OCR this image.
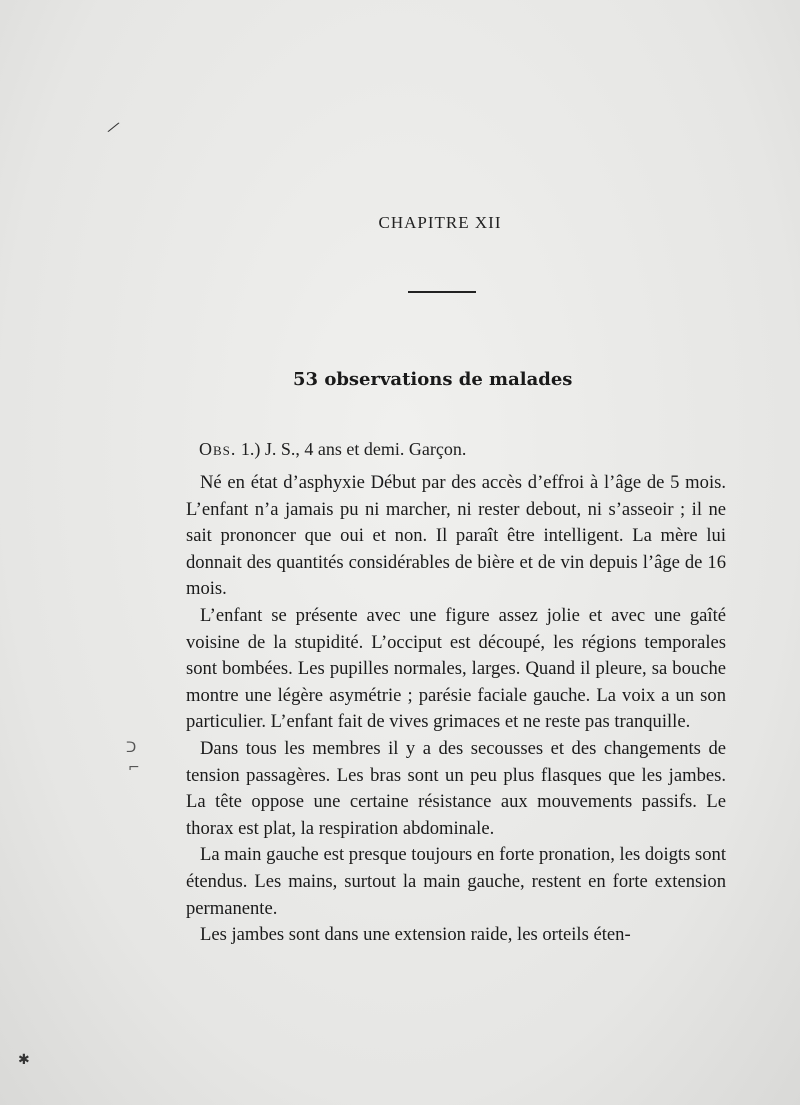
CHAPITRE XII
53 observations de malades
Obs. 1.) J. S., 4 ans et demi. Garçon.

Né en état d’asphyxie Début par des accès d’effroi à l’âge de 5 mois. L’enfant n’a jamais pu ni marcher, ni rester debout, ni s’asseoir ; il ne sait prononcer que oui et non. Il paraît être intelligent. La mère lui donnait des quantités considérables de bière et de vin depuis l’âge de 16 mois.

L’enfant se présente avec une figure assez jolie et avec une gaîté voisine de la stupidité. L’occiput est découpé, les régions temporales sont bombées. Les pupilles normales, larges. Quand il pleure, sa bouche montre une légère asymétrie ; parésie faciale gauche. La voix a un son particulier. L’enfant fait de vives grimaces et ne reste pas tranquille.

Dans tous les membres il y a des secousses et des changements de tension passagères. Les bras sont un peu plus flasques que les jambes. La tête oppose une certaine résistance aux mouvements passifs. Le thorax est plat, la respiration abdominale.

La main gauche est presque toujours en forte pronation, les doigts sont étendus. Les mains, surtout la main gauche, restent en forte extension permanente.

Les jambes sont dans une extension raide, les orteils éten-

⁄
ᑐ
⌐
✱
